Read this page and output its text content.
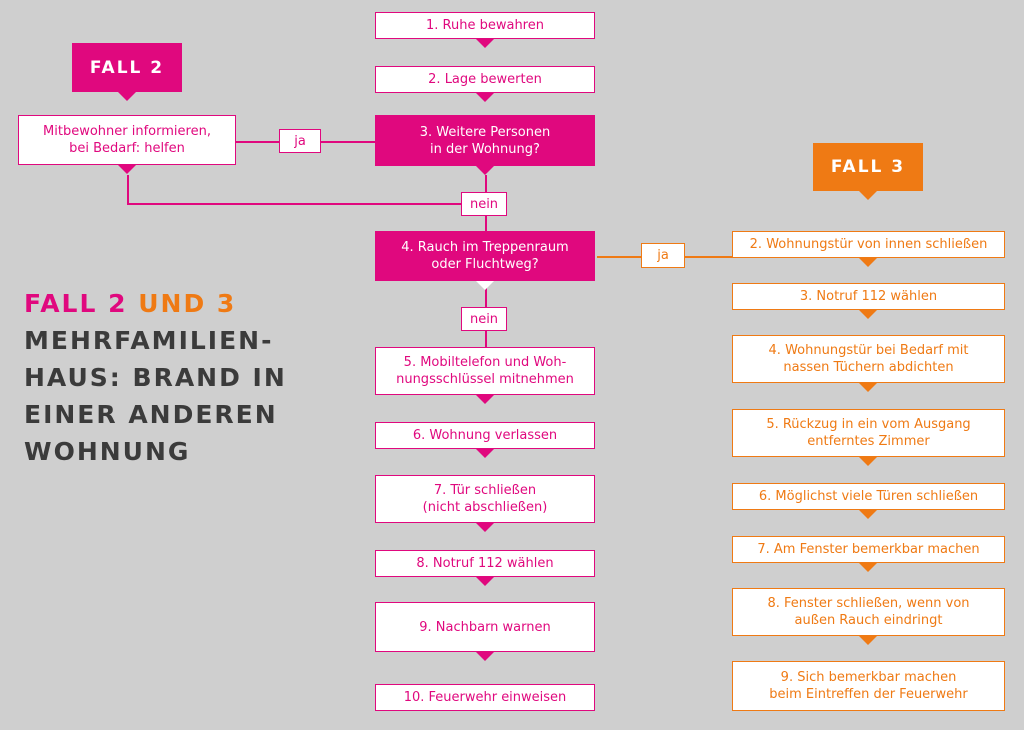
FALL 2 UND 3
MEHRFAMILIEN-
HAUS: BRAND IN
EINER ANDEREN
WOHNUNG
FALL 2
FALL 3
1. Ruhe bewahren
2. Lage bewerten
3. Weitere Personen
in der Wohnung?
nein
4. Rauch im Treppenraum
oder Fluchtweg?
nein
5. Mobiltelefon und Woh-
nungsschlüssel mitnehmen
6. Wohnung verlassen
7. Tür schließen
(nicht abschließen)
8. Notruf 112 wählen
9. Nachbarn warnen
10. Feuerwehr einweisen
ja
Mitbewohner informieren,
bei Bedarf: helfen
ja
2. Wohnungstür von innen schließen
3. Notruf 112 wählen
4. Wohnungstür bei Bedarf mit
nassen Tüchern abdichten
5. Rückzug in ein vom Ausgang
entferntes Zimmer
6. Möglichst viele Türen schließen
7. Am Fenster bemerkbar machen
8. Fenster schließen, wenn von
außen Rauch eindringt
9. Sich bemerkbar machen
beim Eintreffen der Feuerwehr
